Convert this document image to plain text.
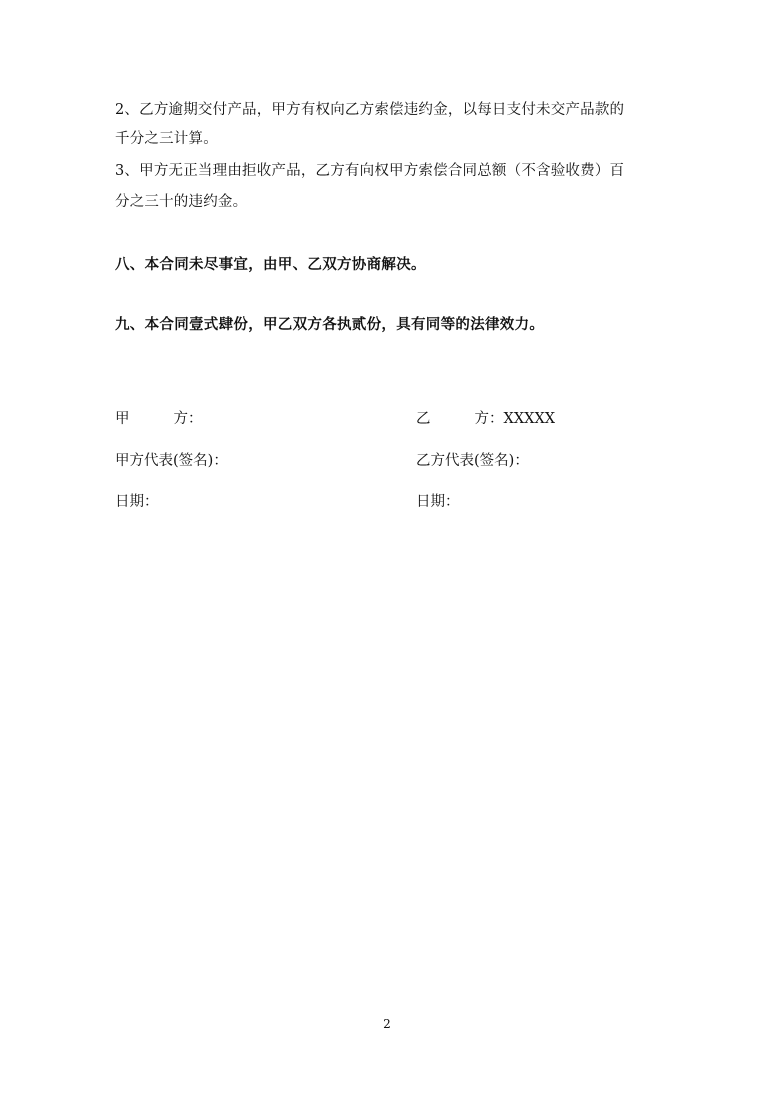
2、乙方逾期交付产品，甲方有权向乙方索偿违约金，以每日支付未交产品款的
千分之三计算。
3、甲方无正当理由拒收产品，乙方有向权甲方索偿合同总额（不含验收费）百
分之三十的违约金。
八、本合同未尽事宜，由甲、乙双方协商解决。
九、本合同壹式肆份，甲乙双方各执贰份，具有同等的法律效力。
甲	方：
甲方代表(签名)：
日期：
乙	方：XXXXX
乙方代表(签名)：
日期：
2
